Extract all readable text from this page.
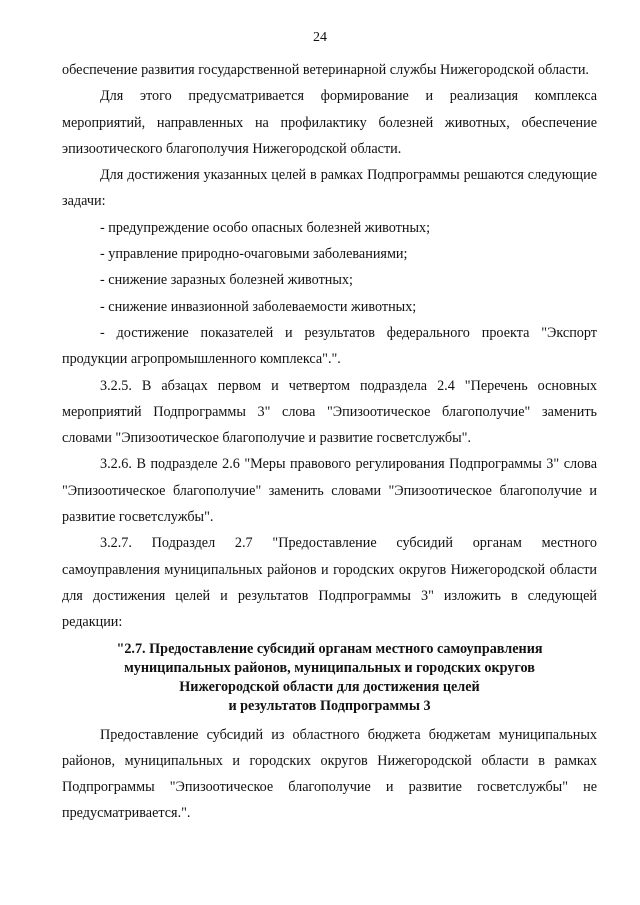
24

обеспечение развития государственной ветеринарной службы Нижегородской области.

Для этого предусматривается формирование и реализация комплекса мероприятий, направленных на профилактику болезней животных, обеспечение эпизоотического благополучия Нижегородской области.

Для достижения указанных целей в рамках Подпрограммы решаются следующие задачи:

- предупреждение особо опасных болезней животных;

- управление природно-очаговыми заболеваниями;

- снижение заразных болезней животных;

- снижение инвазионной заболеваемости животных;

- достижение показателей и результатов федерального проекта "Экспорт продукции агропромышленного комплекса".".

3.2.5. В абзацах первом и четвертом подраздела 2.4 "Перечень основных мероприятий Подпрограммы 3" слова "Эпизоотическое благополучие" заменить словами "Эпизоотическое благополучие и развитие госветслужбы".

3.2.6. В подразделе 2.6 "Меры правового регулирования Подпрограммы 3" слова "Эпизоотическое благополучие" заменить словами "Эпизоотическое благополучие и развитие госветслужбы".

3.2.7. Подраздел 2.7 "Предоставление субсидий органам местного самоуправления муниципальных районов и городских округов Нижегородской области для достижения целей и результатов Подпрограммы 3" изложить в следующей редакции:

"2.7. Предоставление субсидий органам местного самоуправления
муниципальных районов, муниципальных и городских округов
Нижегородской области для достижения целей
и результатов Подпрограммы 3

Предоставление субсидий из областного бюджета бюджетам муниципальных районов, муниципальных и городских округов Нижегородской области в рамках Подпрограммы "Эпизоотическое благополучие и развитие госветслужбы" не предусматривается.".
